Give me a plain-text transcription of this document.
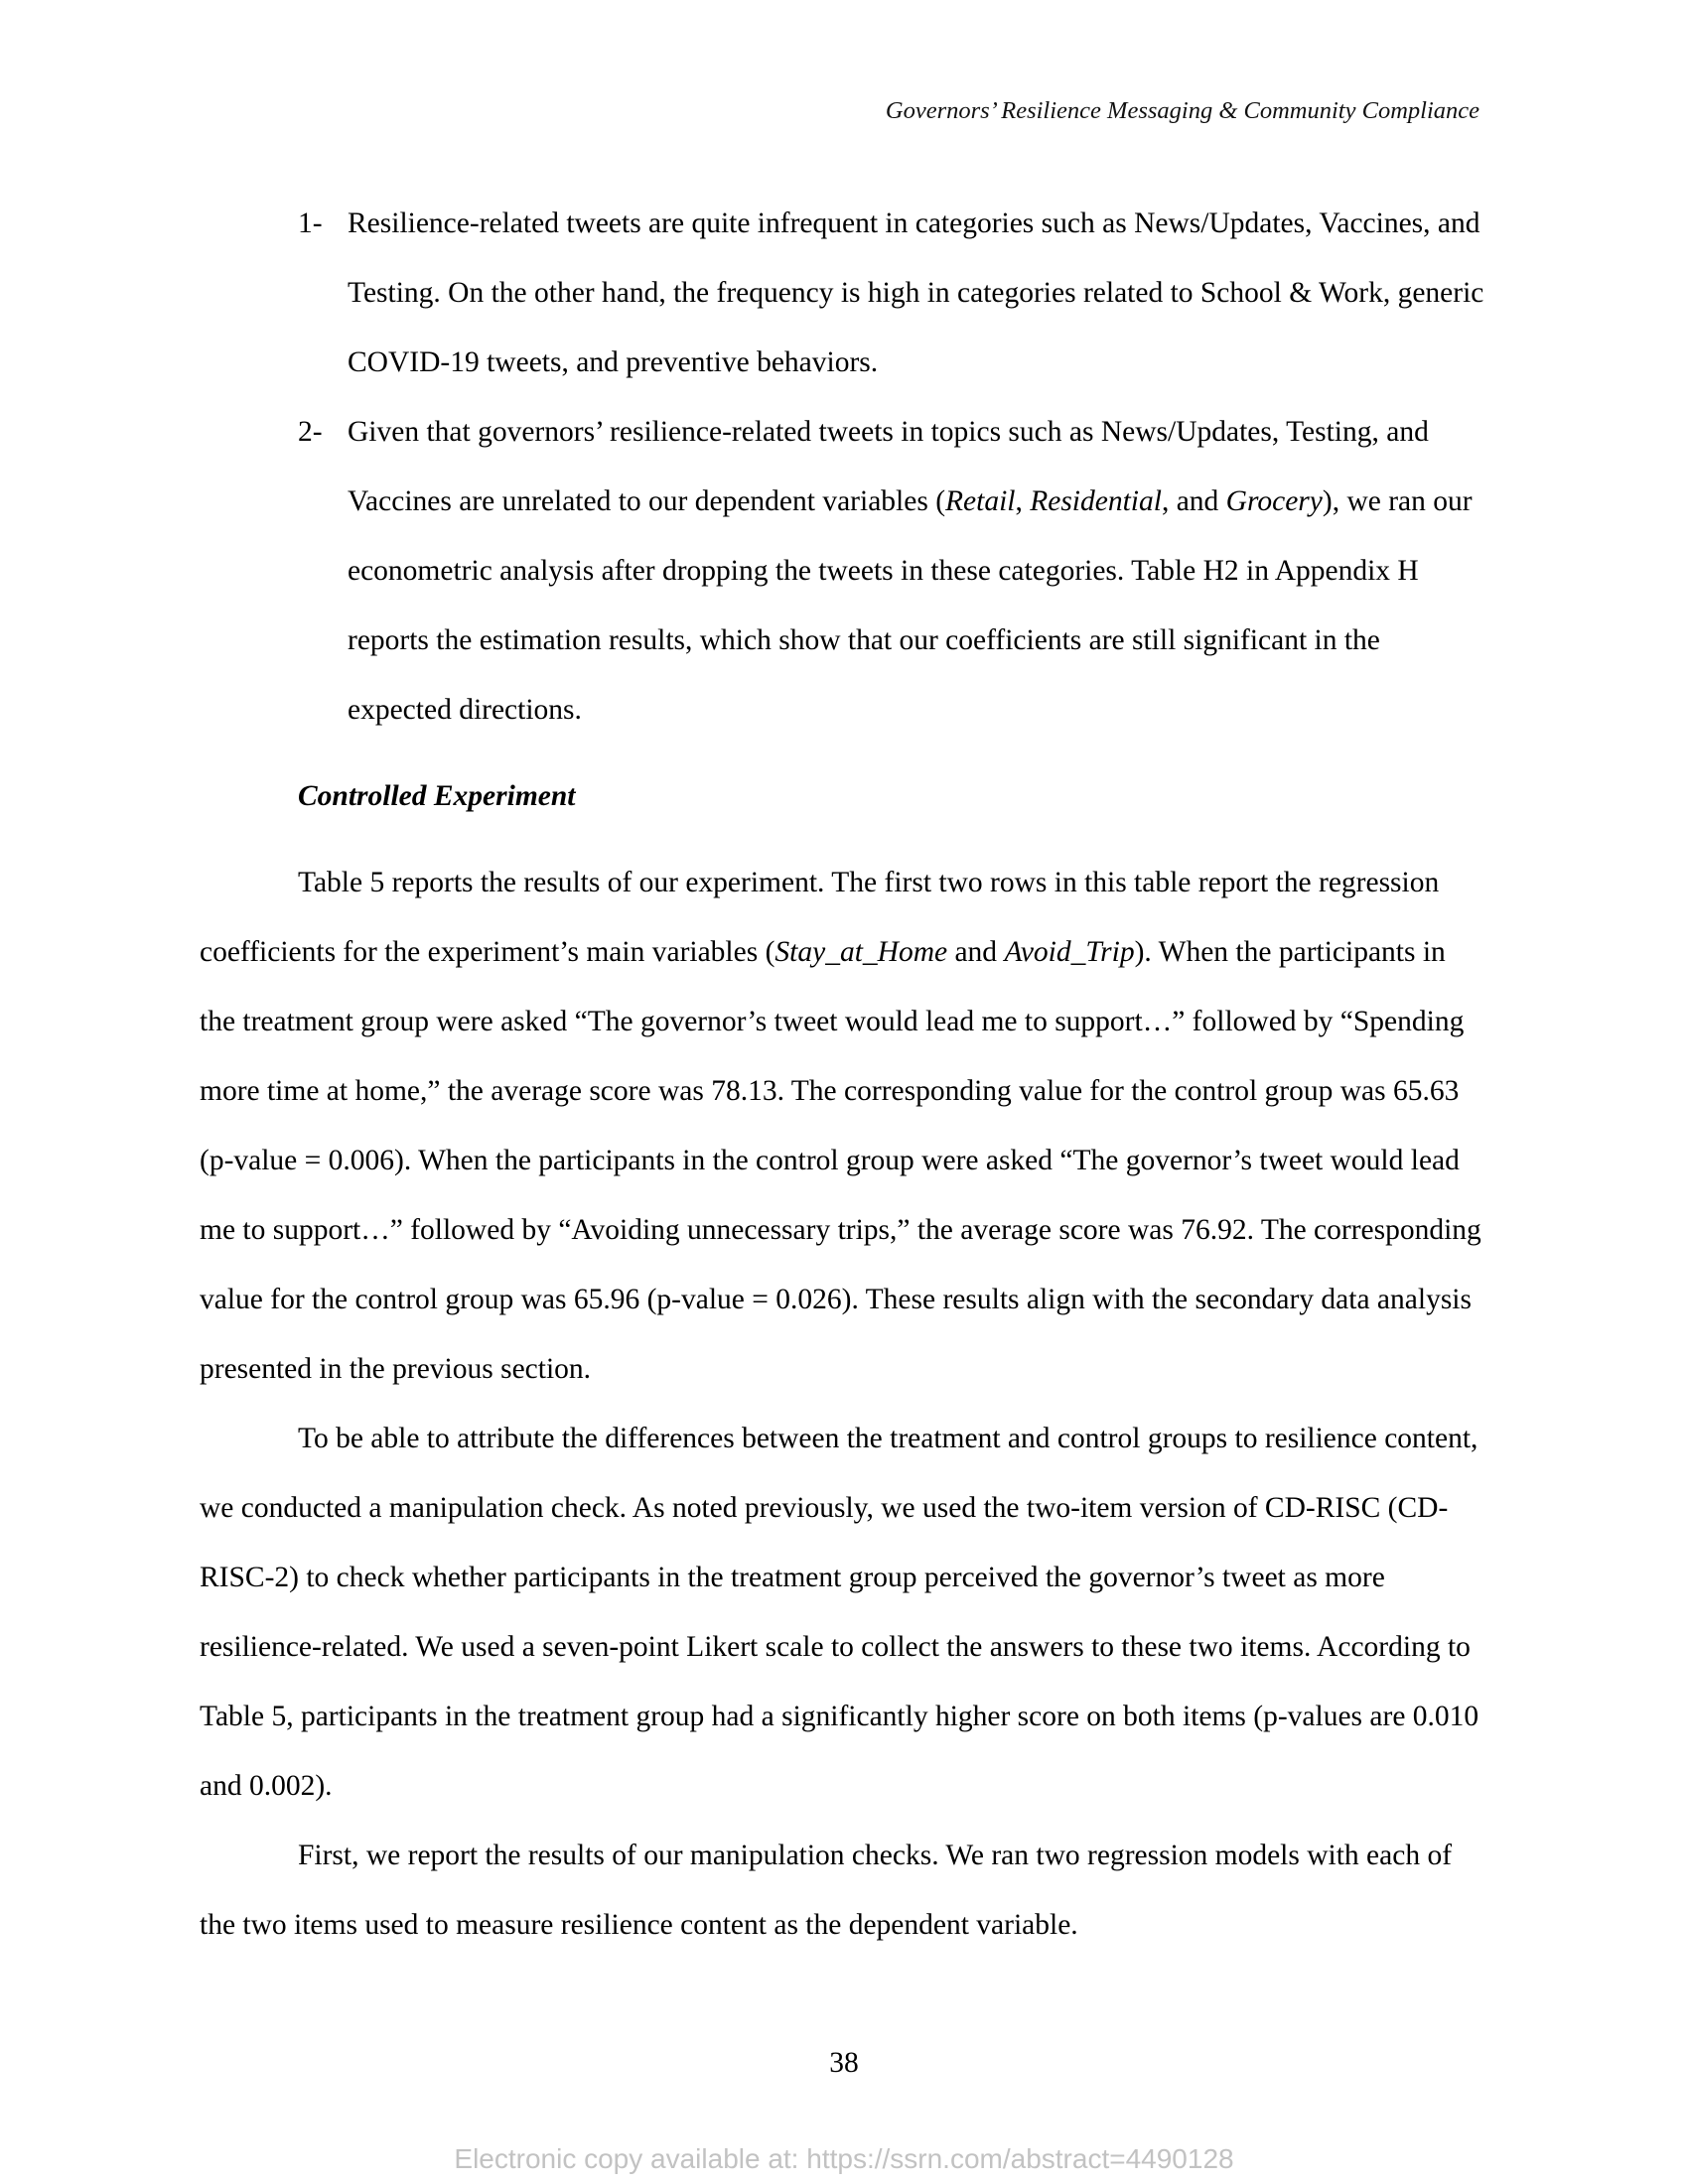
Governors’ Resilience Messaging & Community Compliance
1- Resilience-related tweets are quite infrequent in categories such as News/Updates, Vaccines, and Testing. On the other hand, the frequency is high in categories related to School & Work, generic COVID-19 tweets, and preventive behaviors.
2- Given that governors’ resilience-related tweets in topics such as News/Updates, Testing, and Vaccines are unrelated to our dependent variables (Retail, Residential, and Grocery), we ran our econometric analysis after dropping the tweets in these categories. Table H2 in Appendix H reports the estimation results, which show that our coefficients are still significant in the expected directions.
Controlled Experiment

Table 5 reports the results of our experiment. The first two rows in this table report the regression coefficients for the experiment’s main variables (Stay_at_Home and Avoid_Trip). When the participants in the treatment group were asked “The governor’s tweet would lead me to support…” followed by “Spending more time at home,” the average score was 78.13. The corresponding value for the control group was 65.63 (p-value = 0.006). When the participants in the control group were asked “The governor’s tweet would lead me to support…” followed by “Avoiding unnecessary trips,” the average score was 76.92. The corresponding value for the control group was 65.96 (p-value = 0.026). These results align with the secondary data analysis presented in the previous section.

To be able to attribute the differences between the treatment and control groups to resilience content, we conducted a manipulation check. As noted previously, we used the two-item version of CD-RISC (CD-RISC-2) to check whether participants in the treatment group perceived the governor’s tweet as more resilience-related. We used a seven-point Likert scale to collect the answers to these two items. According to Table 5, participants in the treatment group had a significantly higher score on both items (p-values are 0.010 and 0.002).

First, we report the results of our manipulation checks. We ran two regression models with each of the two items used to measure resilience content as the dependent variable.

38
Electronic copy available at: https://ssrn.com/abstract=4490128
